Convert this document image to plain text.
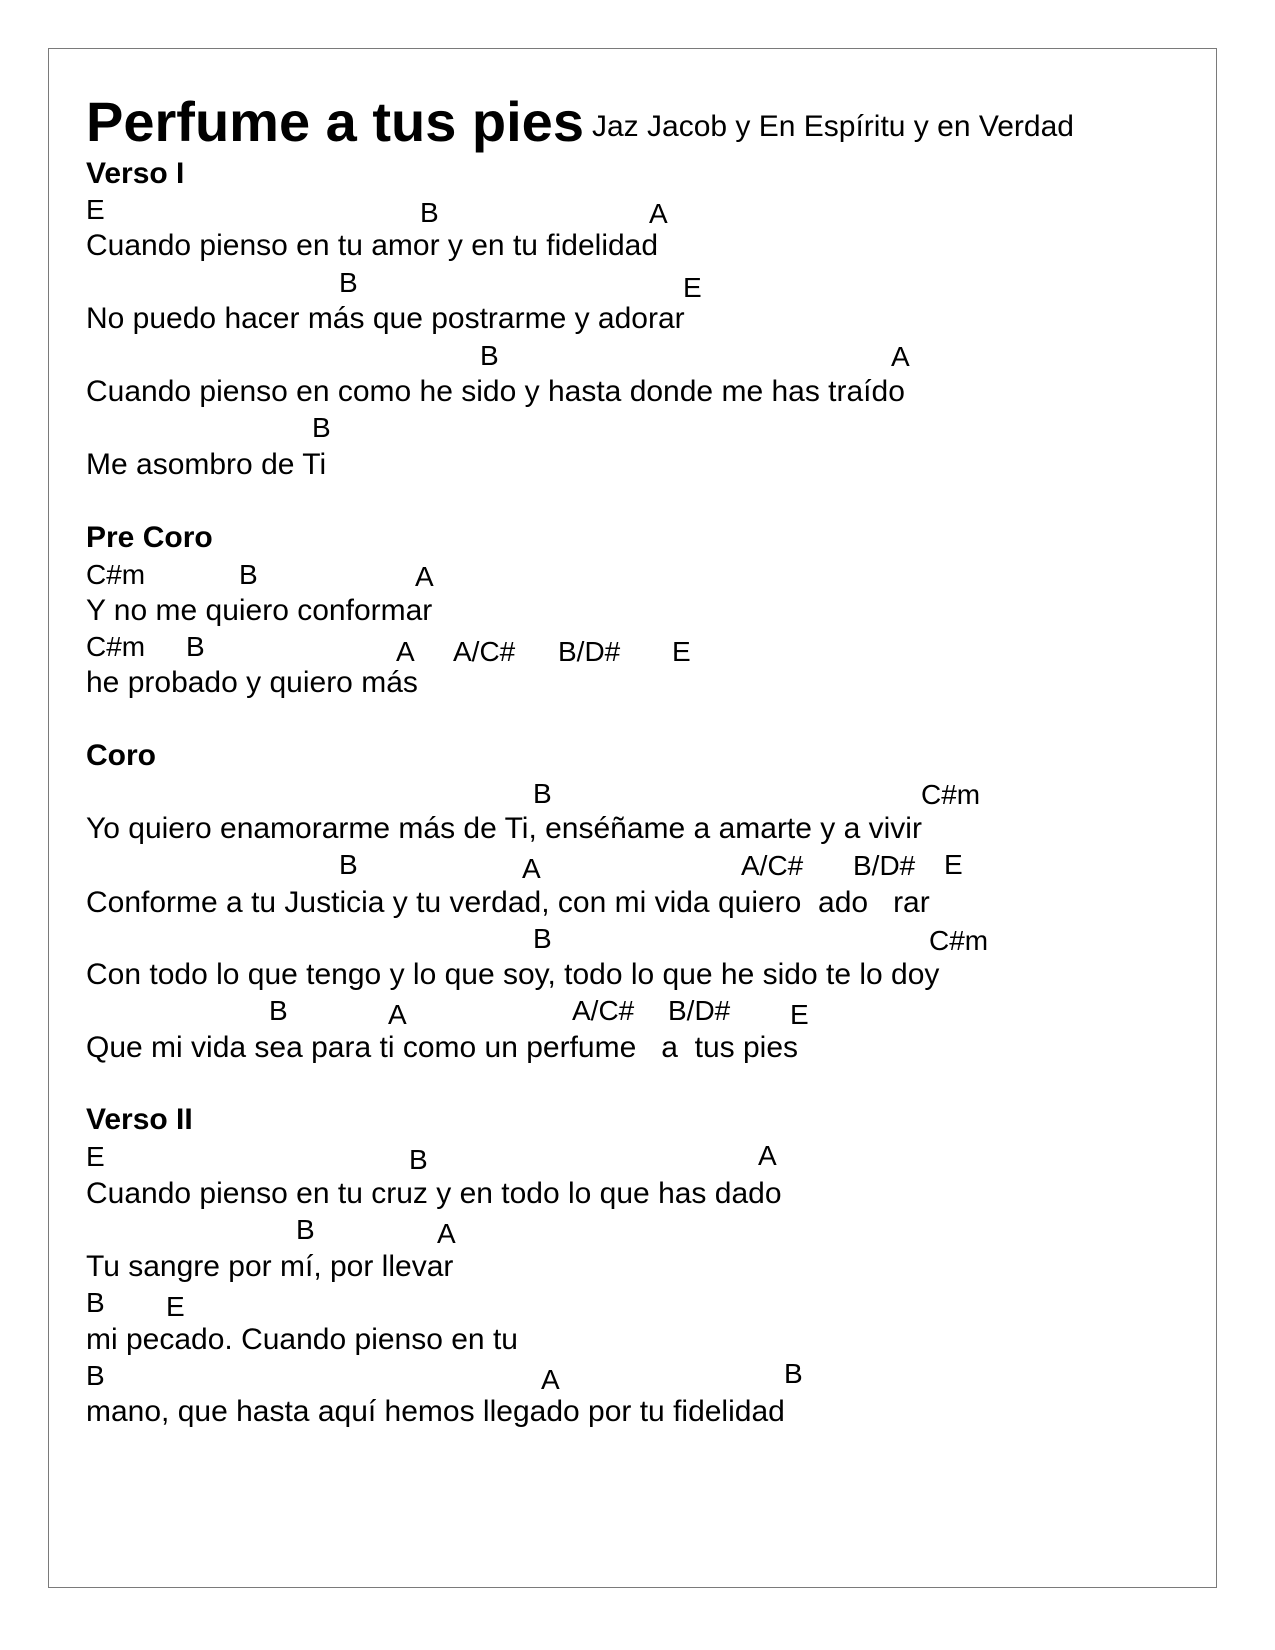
Perfume a tus pies Jaz Jacob y En Espíritu y en Verdad
Verso I
E	B	A
Cuando pienso en tu amor y en tu fidelidad
B	E
No puedo hacer más que postrarme y adorar
B	A
Cuando pienso en como he sido y hasta donde me has traído
B
Me asombro de Ti
Pre Coro
C#m	B	A
Y no me quiero conformar
C#m B	A A/C# B/D# E
he probado y quiero más
Coro
B	C#m
Yo quiero enamorarme más de Ti, enséñame a amarte y a vivir
B	A	A/C# B/D# E
Conforme a tu Justicia y tu verdad, con mi vida quiero  ado   rar
B	C#m
Con todo lo que tengo y lo que soy, todo lo que he sido te lo doy
B	A	A/C# B/D# E
Que mi vida sea para ti como un perfume   a  tus pies
Verso II
E	B	A
Cuando pienso en tu cruz y en todo lo que has dado
B	A
Tu sangre por mí, por llevar
B E
mi pecado. Cuando pienso en tu
B	A	B
mano, que hasta aquí hemos llegado por tu fidelidad
